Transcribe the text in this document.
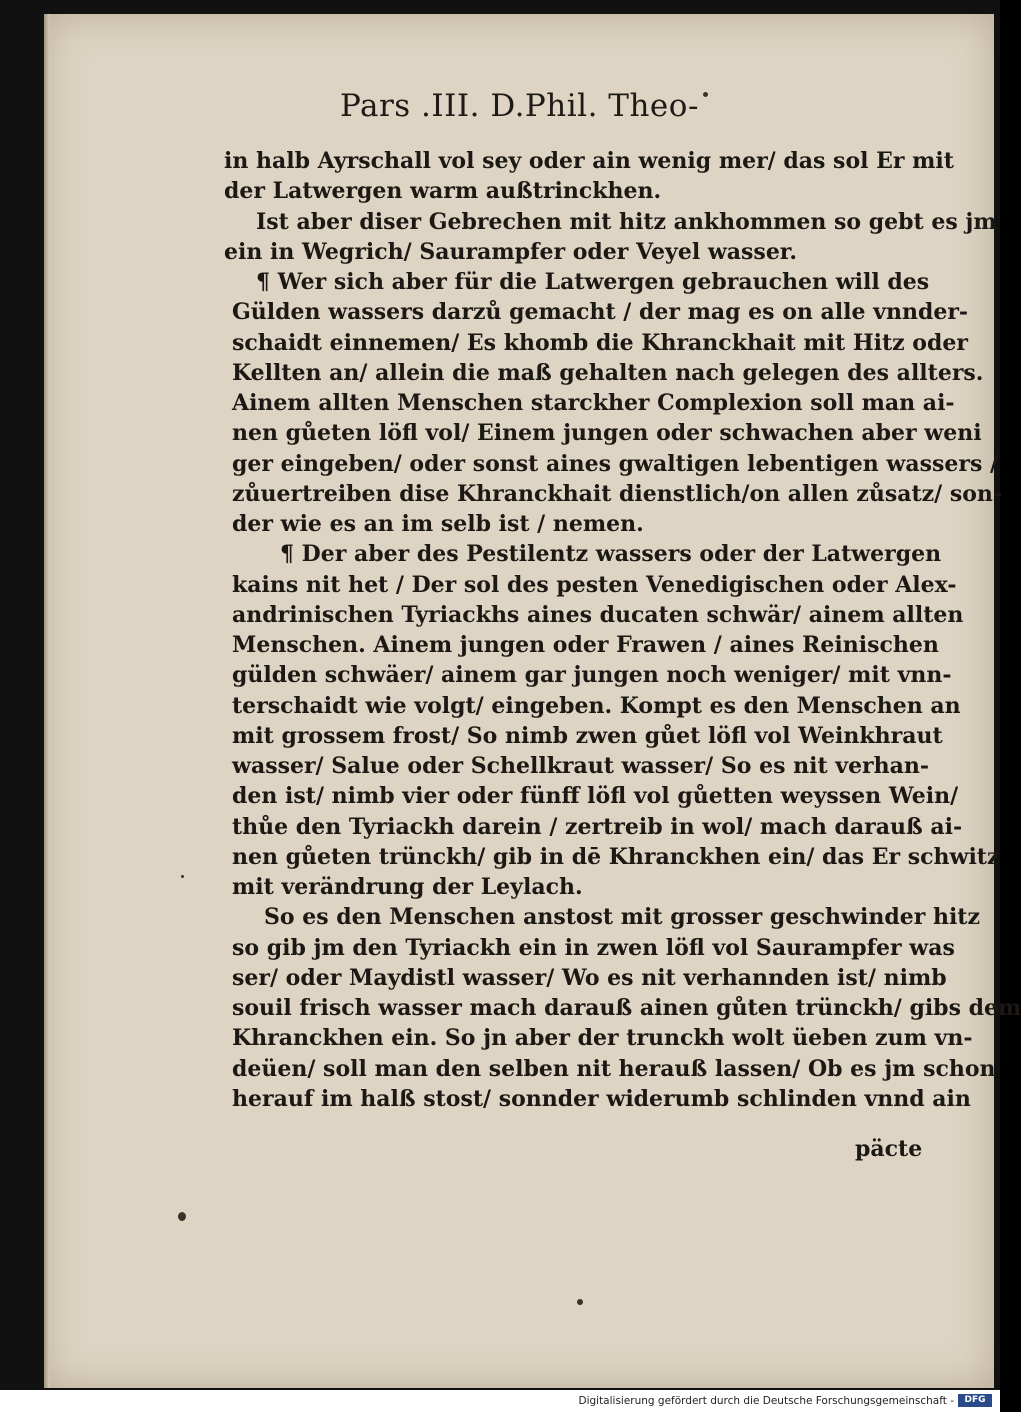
Pars .III. D.Phil. Theo-
in halb Ayrschall vol sey oder ain wenig mer/ das sol Er mit
der Latwergen warm außtrinckhen.
Ist aber diser Gebrechen mit hitz ankhommen so gebt es jm
ein in Wegrich/ Saurampfer oder Veyel wasser.
¶ Wer sich aber für die Latwergen gebrauchen will des
Gülden wassers darzů gemacht / der mag es on alle vnnder-
schaidt einnemen/ Es khomb die Khranckhait mit Hitz oder
Kellten an/ allein die maß gehalten nach gelegen des allters.
Ainem allten Menschen starckher Complexion soll man ai-
nen gůeten löfl vol/ Einem jungen oder schwachen aber weni
ger eingeben/ oder sonst aines gwaltigen lebentigen wassers /
zůuertreiben dise Khranckhait dienstlich/on allen zůsatz/ son-
der wie es an im selb ist / nemen.
¶ Der aber des Pestilentz wassers oder der Latwergen
kains nit het / Der sol des pesten Venedigischen oder Alex-
andrinischen Tyriackhs aines ducaten schwär/ ainem allten
Menschen. Ainem jungen oder Frawen / aines Reinischen
gülden schwäer/ ainem gar jungen noch weniger/ mit vnn-
terschaidt wie volgt/ eingeben. Kompt es den Menschen an
mit grossem frost/ So nimb zwen gůet löfl vol Weinkhraut
wasser/ Salue oder Schellkraut wasser/ So es nit verhan-
den ist/ nimb vier oder fünff löfl vol gůetten weyssen Wein/
thůe den Tyriackh darein / zertreib in wol/ mach darauß ai-
nen gůeten trünckh/ gib in dē Khranckhen ein/ das Er schwitz
mit verändrung der Leylach.
So es den Menschen anstost mit grosser geschwinder hitz
so gib jm den Tyriackh ein in zwen löfl vol Saurampfer was
ser/ oder Maydistl wasser/ Wo es nit verhannden ist/ nimb
souil frisch wasser mach darauß ainen gůten trünckh/ gibs dem
Khranckhen ein. So jn aber der trunckh wolt üeben zum vn-
deüen/ soll man den selben nit herauß lassen/ Ob es jm schon
herauf im halß stost/ sonnder widerumb schlinden vnnd ain
päcte
Digitalisierung gefördert durch die Deutsche Forschungsgemeinschaft -	DFG
